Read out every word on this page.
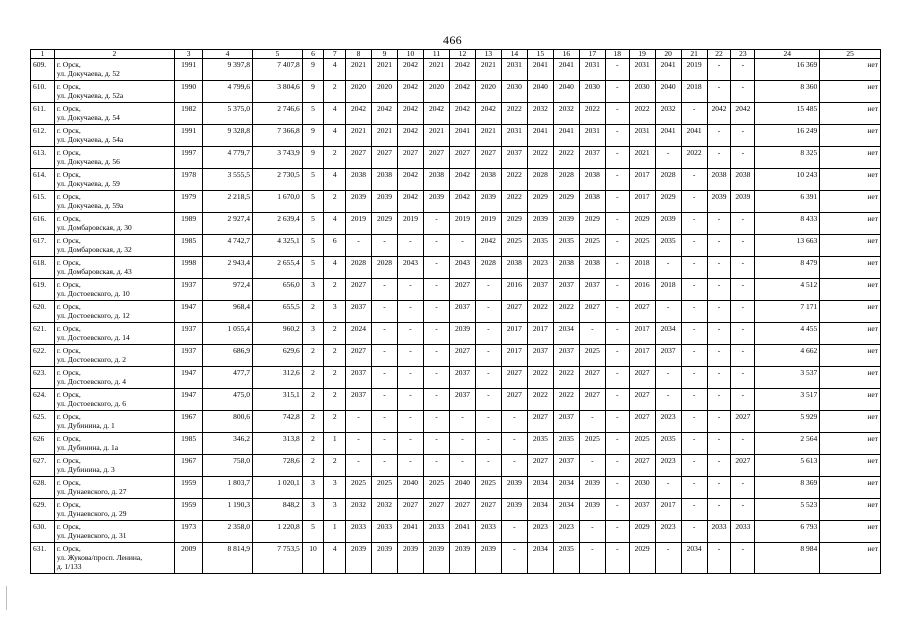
466
1	2	3	4	5	6	7	8	9	10	11	12	13	14	15	16	17	18	19	20	21	22	23	24	25
609.	г. Орск,
ул. Докучаева, д. 52	1991	9 397,8	7 407,8	9	4	2021	2021	2042	2021	2042	2021	2031	2041	2041	2031	-	2031	2041	2019	-	-	16 369	нет
610.	г. Орск,
ул. Докучаева, д. 52а	1990	4 799,6	3 804,6	9	2	2020	2020	2042	2020	2042	2020	2030	2040	2040	2030	-	2030	2040	2018	-	-	8 360	нет
611.	г. Орск,
ул. Докучаева, д. 54	1982	5 375,0	2 746,6	5	4	2042	2042	2042	2042	2042	2042	2022	2032	2032	2022	-	2022	2032	-	2042	2042	15 485	нет
612.	г. Орск,
ул. Докучаева, д. 54а	1991	9 328,8	7 366,8	9	4	2021	2021	2042	2021	2041	2021	2031	2041	2041	2031	-	2031	2041	2041	-	-	16 249	нет
613.	г. Орск,
ул. Докучаева, д. 56	1997	4 779,7	3 743,9	9	2	2027	2027	2027	2027	2027	2027	2037	2022	2022	2037	-	2021	-	2022	-	-	8 325	нет
614.	г. Орск,
ул. Докучаева, д. 59	1978	3 555,5	2 730,5	5	4	2038	2038	2042	2038	2042	2038	2022	2028	2028	2038	-	2017	2028	-	2038	2038	10 243	нет
615.	г. Орск,
ул. Докучаева, д. 59а	1979	2 218,5	1 670,0	5	2	2039	2039	2042	2039	2042	2039	2022	2029	2029	2038	-	2017	2029	-	2039	2039	6 391	нет
616.	г. Орск,
ул. Домбаровская, д. 30	1989	2 927,4	2 639,4	5	4	2019	2029	2019	-	2019	2019	2029	2039	2039	2029	-	2029	2039	-	-	-	8 433	нет
617.	г. Орск,
ул. Домбаровская, д. 32	1985	4 742,7	4 325,1	5	6	-	-	-	-	-	2042	2025	2035	2035	2025	-	2025	2035	-	-	-	13 663	нет
618.	г. Орск,
ул. Домбаровская, д. 43	1998	2 943,4	2 655,4	5	4	2028	2028	2043	-	2043	2028	2038	2023	2038	2038	-	2018	-	-	-	-	8 479	нет
619.	г. Орск,
ул. Достоевского, д. 10	1937	972,4	656,0	3	2	2027	-	-	-	2027	-	2016	2037	2037	2037	-	2016	2018	-	-	-	4 512	нет
620.	г. Орск,
ул. Достоевского, д. 12	1947	968,4	655,5	2	3	2037	-	-	-	2037	-	2027	2022	2022	2027	-	2027	-	-	-	-	7 171	нет
621.	г. Орск,
ул. Достоевского, д. 14	1937	1 055,4	960,2	3	2	2024	-	-	-	2039	-	2017	2017	2034	-	-	2017	2034	-	-	-	4 455	нет
622.	г. Орск,
ул. Достоевского, д. 2	1937	686,9	629,6	2	2	2027	-	-	-	2027	-	2017	2037	2037	2025	-	2017	2037	-	-	-	4 662	нет
623.	г. Орск,
ул. Достоевского, д. 4	1947	477,7	312,6	2	2	2037	-	-	-	2037	-	2027	2022	2022	2027	-	2027	-	-	-	-	3 537	нет
624.	г. Орск,
ул. Достоевского, д. 6	1947	475,0	315,1	2	2	2037	-	-	-	2037	-	2027	2022	2022	2027	-	2027	-	-	-	-	3 517	нет
625.	г. Орск,
ул. Дубинина, д. 1	1967	800,6	742,8	2	2	-	-	-	-	-	-	-	2027	2037	-	-	2027	2023	-	-	2027	5 929	нет
626	г. Орск,
ул. Дубинина, д. 1а	1985	346,2	313,8	2	1	-	-	-	-	-	-	-	2035	2035	2025	-	2025	2035	-	-	-	2 564	нет
627.	г. Орск,
ул. Дубинина, д. 3	1967	758,0	728,6	2	2	-	-	-	-	-	-	-	2027	2037	-	-	2027	2023	-	-	2027	5 613	нет
628.	г. Орск,
ул. Дунаевского, д. 27	1959	1 803,7	1 020,1	3	3	2025	2025	2040	2025	2040	2025	2039	2034	2034	2039	-	2030	-	-	-	-	8 369	нет
629.	г. Орск,
ул. Дунаевского, д. 29	1959	1 190,3	848,2	3	3	2032	2032	2027	2027	2027	2027	2039	2034	2034	2039	-	2037	2017	-	-	-	5 523	нет
630.	г. Орск,
ул. Дунаевского, д. 31	1973	2 358,0	1 220,8	5	1	2033	2033	2041	2033	2041	2033	-	2023	2023	-	-	2029	2023	-	2033	2033	6 793	нет
631.	г. Орск,
ул. Жукова/просп. Ленина,
д. 1/133	2009	8 814,9	7 753,5	10	4	2039	2039	2039	2039	2039	2039	-	2034	2035	-	-	2029	-	2034	-	-	8 984	нет
